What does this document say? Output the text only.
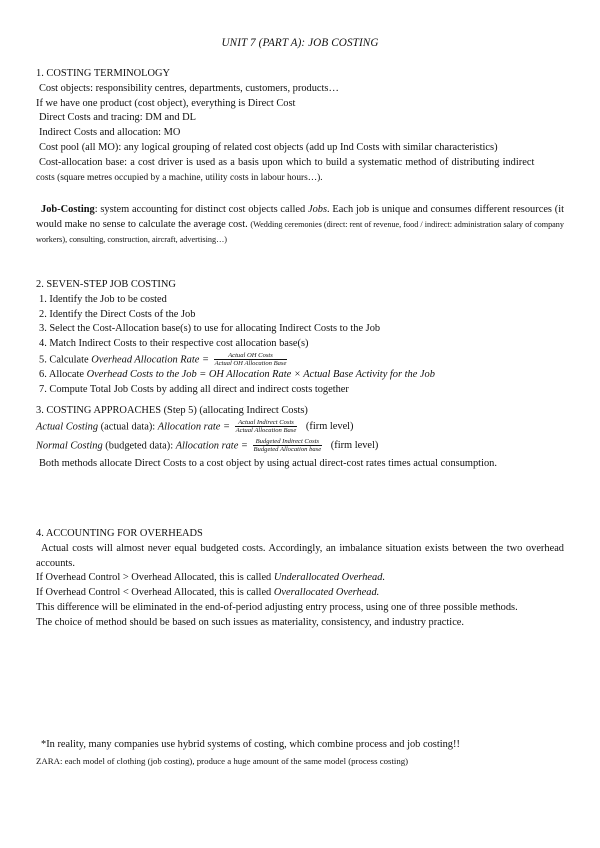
UNIT 7 (PART A): JOB COSTING
1. COSTING TERMINOLOGY
Cost objects: responsibility centres, departments, customers, products…
If we have one product (cost object), everything is Direct Cost
Direct Costs and tracing: DM and DL
Indirect Costs and allocation: MO
Cost pool (all MO): any logical grouping of related cost objects (add up Ind Costs with similar characteristics)
Cost-allocation base: a cost driver is used as a basis upon which to build a systematic method of distributing indirect
costs (square metres occupied by a machine, utility costs in labour hours…).
Job-Costing: system accounting for distinct cost objects called Jobs. Each job is unique and consumes different resources (it would make no sense to calculate the average cost. (Wedding ceremonies (direct: rent of revenue, food / indirect: administration salary of company workers), consulting, construction, aircraft, advertising…)
2. SEVEN-STEP JOB COSTING
1. Identify the Job to be costed
2. Identify the Direct Costs of the Job
3. Select the Cost-Allocation base(s) to use for allocating Indirect Costs to the Job
4. Match Indirect Costs to their respective cost allocation base(s)
5. Calculate Overhead Allocation Rate = $\frac{\text{Actual OH Costs}}{\text{Actual OH Allocation Base}}$
6. Allocate Overhead Costs to the Job = OH Allocation Rate × Actual Base Activity for the Job
7. Compute Total Job Costs by adding all direct and indirect costs together
3. COSTING APPROACHES (Step 5) (allocating Indirect Costs)
Actual Costing (actual data): Allocation rate = $\frac{\text{Actual Indirect Costs}}{\text{Actual Allocation Base}}$ (firm level)
Normal Costing (budgeted data): Allocation rate = $\frac{\text{Budgeted Indirect Costs}}{\text{Budgeted Allocation base}}$ (firm level)
Both methods allocate Direct Costs to a cost object by using actual direct-cost rates times actual consumption.
4. ACCOUNTING FOR OVERHEADS
Actual costs will almost never equal budgeted costs. Accordingly, an imbalance situation exists between the two overhead accounts.
If Overhead Control > Overhead Allocated, this is called Underallocated Overhead.
If Overhead Control < Overhead Allocated, this is called Overallocated Overhead.
This difference will be eliminated in the end-of-period adjusting entry process, using one of three possible methods.
The choice of method should be based on such issues as materiality, consistency, and industry practice.
*In reality, many companies use hybrid systems of costing, which combine process and job costing!!
ZARA: each model of clothing (job costing), produce a huge amount of the same model (process costing)
